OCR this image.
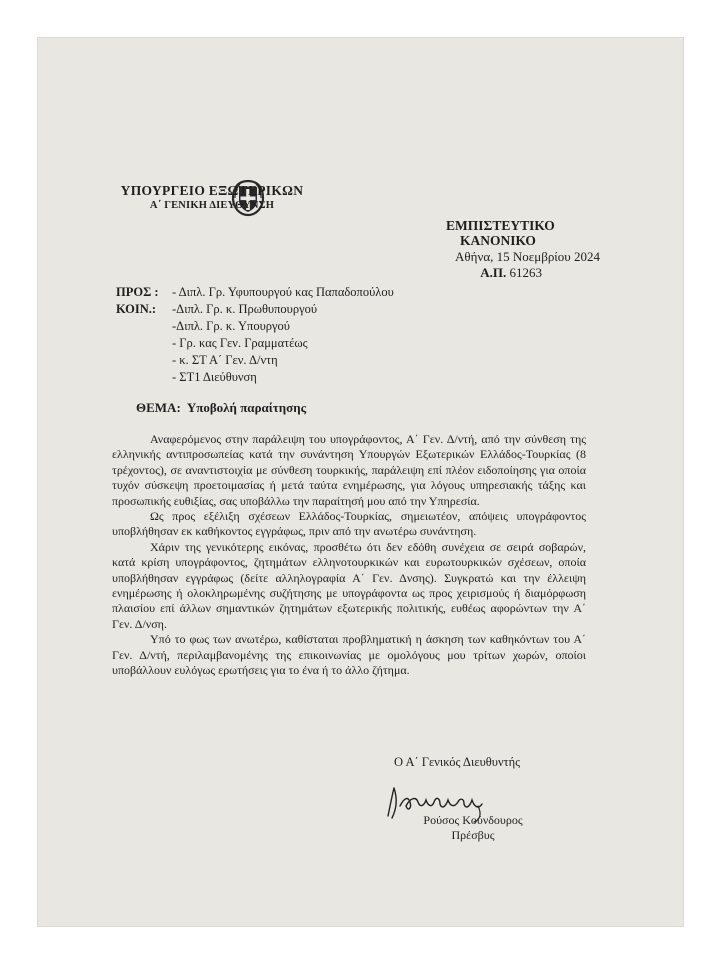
ΥΠΟΥΡΓΕΙΟ ΕΞΩΤΕΡΙΚΩΝ
Α΄ ΓΕΝΙΚΗ ΔΙΕΥΘΥΝΣΗ
ΕΜΠΙΣΤΕΥΤΙΚΟ
ΚΑΝΟΝΙΚΟ
Αθήνα, 15 Νοεμβρίου 2024
Α.Π. 61263
ΠΡΟΣ :	- Διπλ. Γρ. Υφυπουργού κας Παπαδοπούλου
ΚΟΙΝ.:	-Διπλ. Γρ. κ. Πρωθυπουργού
-Διπλ. Γρ. κ. Υπουργού
- Γρ. κας Γεν. Γραμματέως
- κ. ΣΤ Α΄ Γεν. Δ/ντη
- ΣΤ1 Διεύθυνση
ΘΕΜΑ: Υποβολή παραίτησης

Αναφερόμενος στην παράλειψη του υπογράφοντος, Α΄ Γεν. Δ/ντή, από την σύνθεση της ελληνικής αντιπροσωπείας κατά την συνάντηση Υπουργών Εξωτερικών Ελλάδος-Τουρκίας (8 τρέχοντος), σε αναντιστοιχία με σύνθεση τουρκικής, παράλειψη επί πλέον ειδοποίησης για οποία τυχόν σύσκεψη προετοιμασίας ή μετά ταύτα ενημέρωσης, για λόγους υπηρεσιακής τάξης και προσωπικής ευθιξίας, σας υποβάλλω την παραίτησή μου από την Υπηρεσία.

Ως προς εξέλιξη σχέσεων Ελλάδος-Τουρκίας, σημειωτέον, απόψεις υπογράφοντος υποβλήθησαν εκ καθήκοντος εγγράφως, πριν από την ανωτέρω συνάντηση.

Χάριν της γενικότερης εικόνας, προσθέτω ότι δεν εδόθη συνέχεια σε σειρά σοβαρών, κατά κρίση υπογράφοντος, ζητημάτων ελληνοτουρκικών και ευρωτουρκικών σχέσεων, οποία υποβλήθησαν εγγράφως (δείτε αλληλογραφία Α΄ Γεν. Δνσης). Συγκρατώ και την έλλειψη ενημέρωσης ή ολοκληρωμένης συζήτησης με υπογράφοντα ως προς χειρισμούς ή διαμόρφωση πλαισίου επί άλλων σημαντικών ζητημάτων εξωτερικής πολιτικής, ευθέως αφορώντων την Α΄ Γεν. Δ/νση.

Υπό το φως των ανωτέρω, καθίσταται προβληματική η άσκηση των καθηκόντων του Α΄ Γεν. Δ/ντή, περιλαμβανομένης της επικοινωνίας με ομολόγους μου τρίτων χωρών, οποίοι υποβάλλουν ευλόγως ερωτήσεις για το ένα ή το άλλο ζήτημα.

Ο Α΄ Γενικός Διευθυντής
Ρούσος Κούνδουρος
Πρέσβυς
